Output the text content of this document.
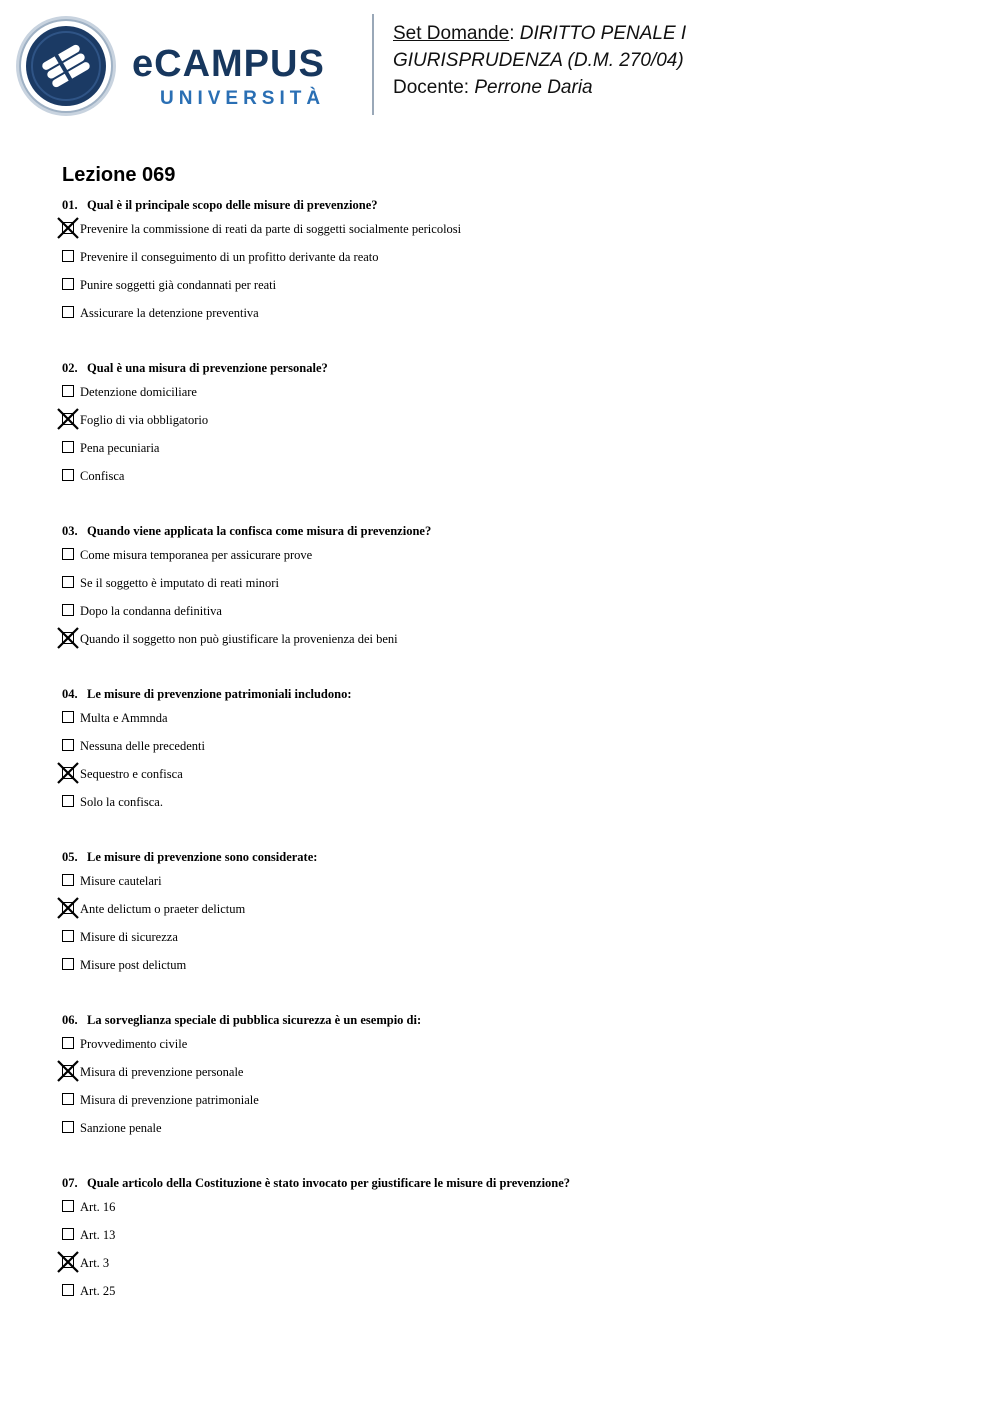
eCAMPUS
UNIVERSITÀ
Set Domande: DIRITTO PENALE I
GIURISPRUDENZA (D.M. 270/04)
Docente: Perrone Daria
Lezione 069
01. Qual è il principale scopo delle misure di prevenzione?
Prevenire la commissione di reati da parte di soggetti socialmente pericolosi
Prevenire il conseguimento di un profitto derivante da reato
Punire soggetti già condannati per reati
Assicurare la detenzione preventiva
02. Qual è una misura di prevenzione personale?
Detenzione domiciliare
Foglio di via obbligatorio
Pena pecuniaria
Confisca
03. Quando viene applicata la confisca come misura di prevenzione?
Come misura temporanea per assicurare prove
Se il soggetto è imputato di reati minori
Dopo la condanna definitiva
Quando il soggetto non può giustificare la provenienza dei beni
04. Le misure di prevenzione patrimoniali includono:
Multa e Ammnda
Nessuna delle precedenti
Sequestro e confisca
Solo la confisca.
05. Le misure di prevenzione sono considerate:
Misure cautelari
Ante delictum o praeter delictum
Misure di sicurezza
Misure post delictum
06. La sorveglianza speciale di pubblica sicurezza è un esempio di:
Provvedimento civile
Misura di prevenzione personale
Misura di prevenzione patrimoniale
Sanzione penale
07. Quale articolo della Costituzione è stato invocato per giustificare le misure di prevenzione?
Art. 16
Art. 13
Art. 3
Art. 25
